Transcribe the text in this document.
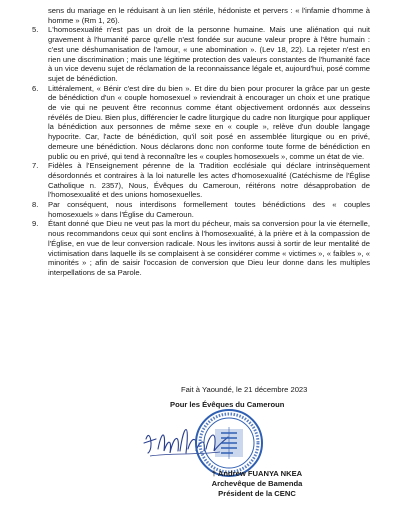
sens du mariage en le réduisant à un lien stérile, hédoniste et pervers : « l'infamie d'homme à homme » (Rm 1, 26).

5. L'homosexualité n'est pas un droit de la personne humaine. Mais une aliénation qui nuit gravement à l'humanité parce qu'elle n'est fondée sur aucune valeur propre à l'être humain : c'est une déshumanisation de l'amour, « une abomination ». (Lev 18, 22). La rejeter n'est en rien une discrimination ; mais une légitime protection des valeurs constantes de l'humanité face à un vice devenu sujet de réclamation de la reconnaissance légale et, aujourd'hui, posé comme sujet de bénédiction.
6. Littéralement, « Bénir c'est dire du bien ». Et dire du bien pour procurer la grâce par un geste de bénédiction d'un « couple homosexuel » reviendrait à encourager un choix et une pratique de vie qui ne peuvent être reconnus comme étant objectivement ordonnés aux desseins révélés de Dieu. Bien plus, différencier le cadre liturgique du cadre non liturgique pour appliquer la bénédiction aux personnes de même sexe en « couple », relève d'un double langage hypocrite. Car, l'acte de bénédiction, qu'il soit posé en assemblée liturgique ou en privé, demeure une bénédiction. Nous déclarons donc non conforme toute forme de bénédiction en public ou en privé, qui tend à reconnaître les « couples homosexuels », comme un état de vie.
7. Fidèles à l'Enseignement pérenne de la Tradition ecclésiale qui déclare intrinsèquement désordonnés et contraires à la loi naturelle les actes d'homosexualité (Catéchisme de l'Église Catholique n. 2357), Nous, Évêques du Cameroun, réitérons notre désapprobation de l'homosexualité et des unions homosexuelles.
8. Par conséquent, nous interdisons formellement toutes bénédictions des « couples homosexuels » dans l'Église du Cameroun.
9. Étant donné que Dieu ne veut pas la mort du pécheur, mais sa conversion pour la vie éternelle, nous recommandons ceux qui sont enclins à l'homosexualité, à la prière et à la compassion de l'Église, en vue de leur conversion radicale. Nous les invitons aussi à sortir de leur mentalité de victimisation dans laquelle ils se complaisent à se considérer comme « victimes », « faibles », « minorités » ; afin de saisir l'occasion de conversion que Dieu leur donne dans les multiples interpellations de sa Parole.
Fait à Yaoundé, le 21 décembre 2023
Pour les Évêques du Cameroun
† Andrew FUANYA NKEA
Archevêque de Bamenda
Président de la CENC
